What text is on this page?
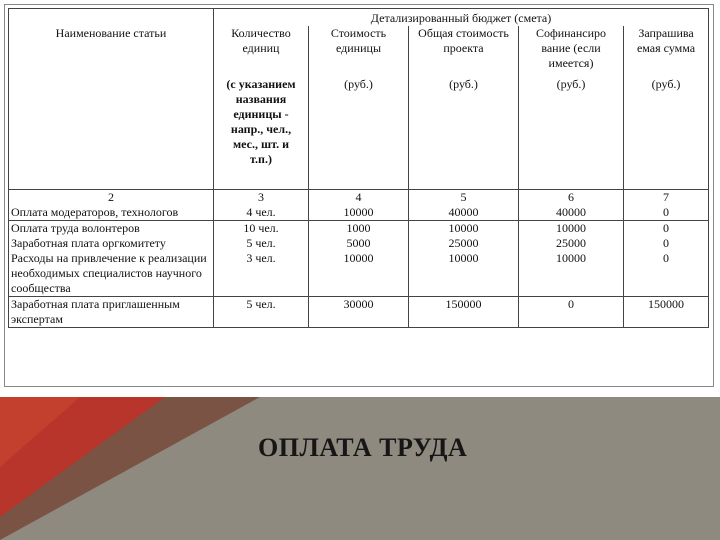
	Детализированный бюджет (смета)				
Наименование статьи	Количество единиц	Стоимость единицы	Общая стоимость проекта	Софинансиро вание (если имеется)	Запрашива емая сумма
	(с указанием названия единицы - напр., чел., мес., шт. и т.п.)	(руб.)	(руб.)	(руб.)	(руб.)
2	3	4	5	6	7
Оплата модераторов, технологов	4 чел.	10000	40000	40000	0
Оплата труда волонтеров	10 чел.	1000	10000	10000	0
Заработная плата оргкомитету	5 чел.	5000	25000	25000	0
Расходы на привлечение к реализации необходимых специалистов научного сообщества	3 чел.	10000	10000	10000	0
Заработная плата приглашенным экспертам	5 чел.	30000	150000	0	150000
ОПЛАТА ТРУДА
